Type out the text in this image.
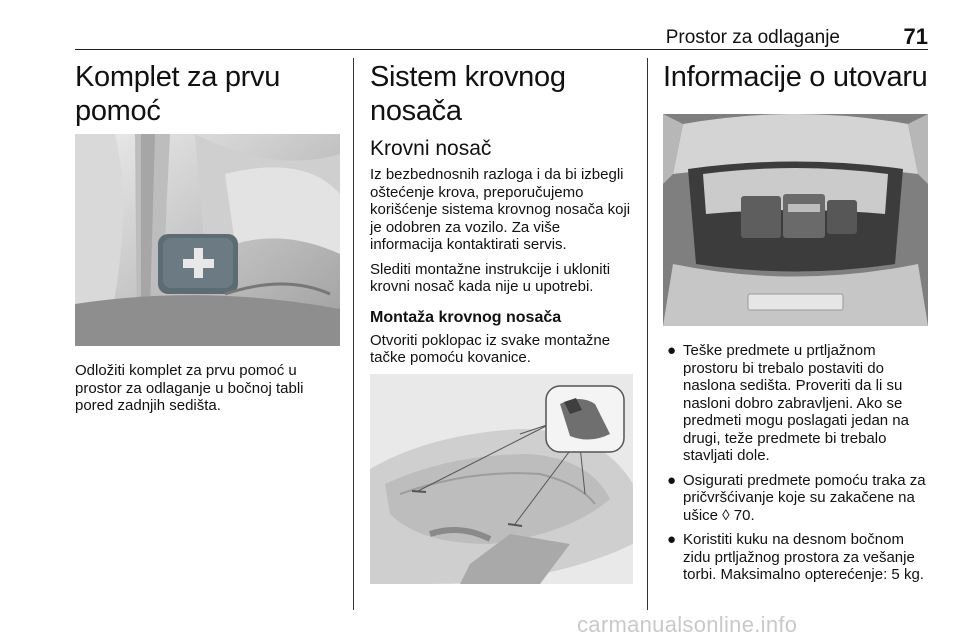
Prostor za odlaganje	71
Komplet za prvu pomoć

Odložiti komplet za prvu pomoć u prostor za odlaganje u bočnoj tabli pored zadnjih sedišta.

Sistem krovnog nosača
Krovni nosač

Iz bezbednosnih razloga i da bi izbegli oštećenje krova, preporučujemo korišćenje sistema krovnog nosača koji je odobren za vozilo. Za više informacija kontaktirati servis.

Slediti montažne instrukcije i ukloniti krovni nosač kada nije u upotrebi.

Montaža krovnog nosača

Otvoriti poklopac iz svake montažne tačke pomoću kovanice.

Informacije o utovaru
● Teške predmete u prtljažnom prostoru bi trebalo postaviti do naslona sedišta. Proveriti da li su nasloni dobro zabravljeni. Ako se predmeti mogu poslagati jedan na drugi, teže predmete bi trebalo stavljati dole.
● Osigurati predmete pomoću traka za pričvršćivanje koje su zakačene na ušice ◊ 70.
● Koristiti kuku na desnom bočnom zidu prtljažnog prostora za vešanje torbi. Maksimalno opterećenje: 5 kg.
carmanualsonline.info
